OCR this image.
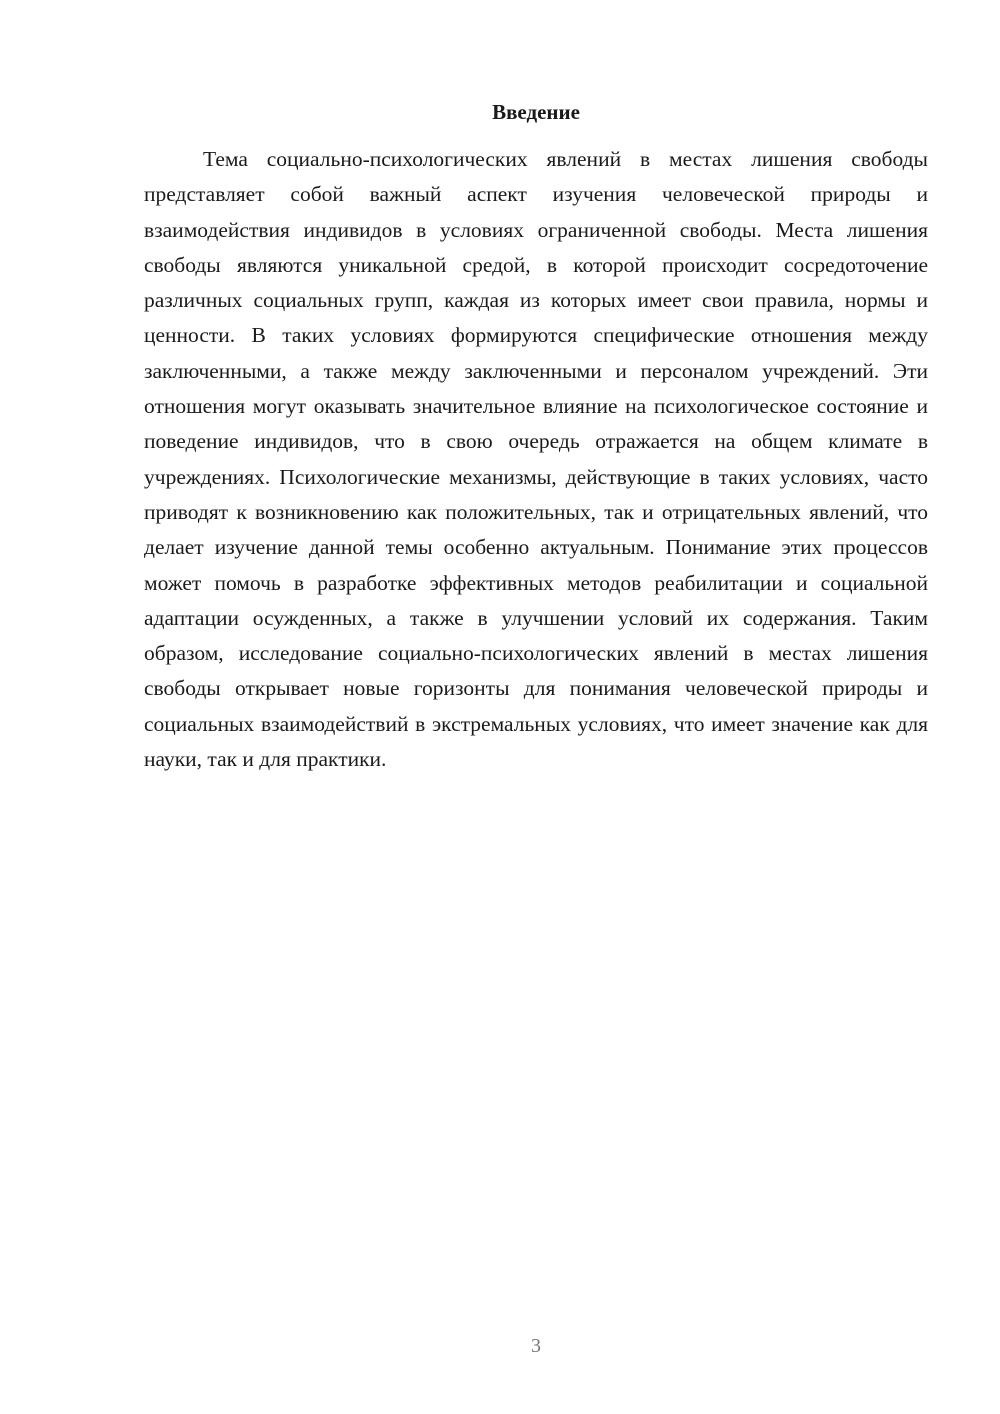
Введение

Тема социально-психологических явлений в местах лишения свободы представляет собой важный аспект изучения человеческой природы и взаимодействия индивидов в условиях ограниченной свободы. Места лишения свободы являются уникальной средой, в которой происходит сосредоточение различных социальных групп, каждая из которых имеет свои правила, нормы и ценности. В таких условиях формируются специфические отношения между заключенными, а также между заключенными и персоналом учреждений. Эти отношения могут оказывать значительное влияние на психологическое состояние и поведение индивидов, что в свою очередь отражается на общем климате в учреждениях. Психологические механизмы, действующие в таких условиях, часто приводят к возникновению как положительных, так и отрицательных явлений, что делает изучение данной темы особенно актуальным. Понимание этих процессов может помочь в разработке эффективных методов реабилитации и социальной адаптации осужденных, а также в улучшении условий их содержания. Таким образом, исследование социально-психологических явлений в местах лишения свободы открывает новые горизонты для понимания человеческой природы и социальных взаимодействий в экстремальных условиях, что имеет значение как для науки, так и для практики.

3
